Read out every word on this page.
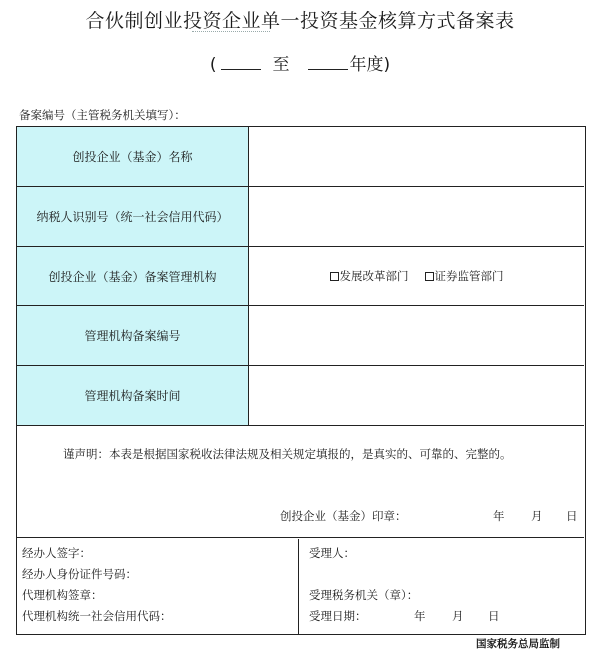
合伙制创业投资企业单一投资基金核算方式备案表
(	至	年度)
备案编号（主管税务机关填写）：
创投企业（基金）名称
纳税人识别号（统一社会信用代码）
创投企业（基金）备案管理机构	发展改革部门 证券监管部门
管理机构备案编号
管理机构备案时间
谨声明：本表是根据国家税收法律法规及相关规定填报的，是真实的、可靠的、完整的。
创投企业（基金）印章：	年 月 日
经办人签字：
经办人身份证件号码：
代理机构签章：
代理机构统一社会信用代码：
受理人：
受理税务机关（章）：
受理日期：	年 月 日
国家税务总局监制
